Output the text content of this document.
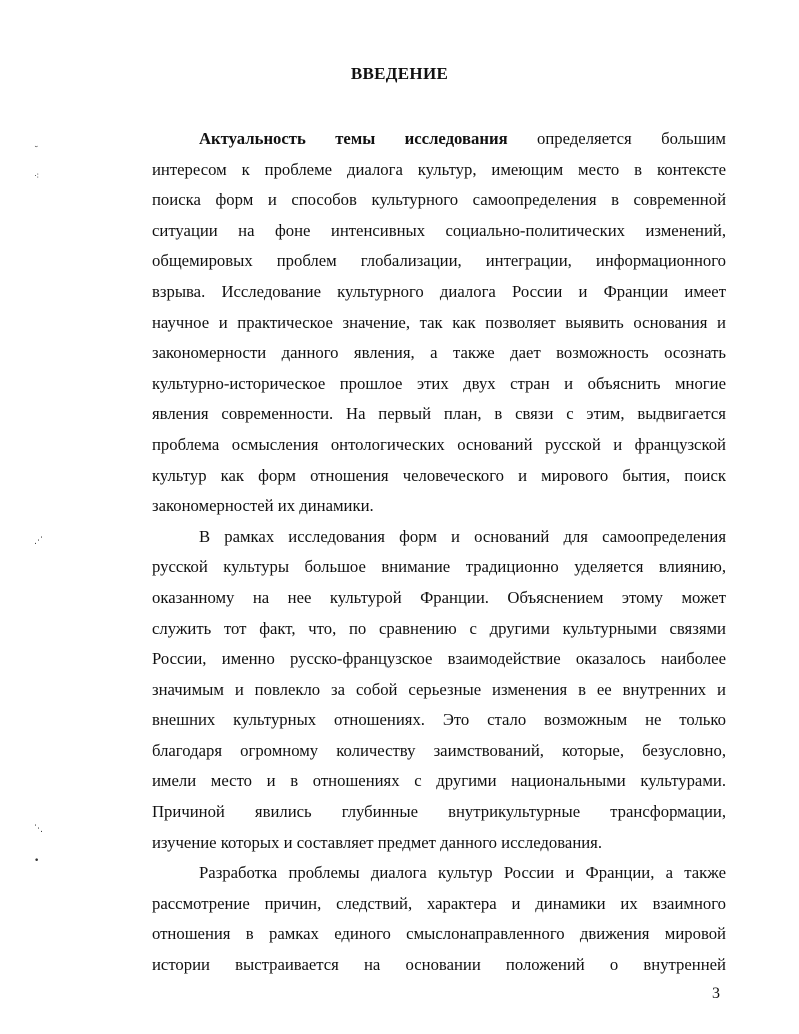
ВВЕДЕНИЕ
Актуальность темы исследования определяется большим
интересом к проблеме диалога культур, имеющим место в контексте
поиска форм и способов культурного самоопределения в современной
ситуации на фоне интенсивных социально-политических изменений,
общемировых проблем глобализации, интеграции, информационного
взрыва. Исследование культурного диалога России и Франции имеет
научное и практическое значение, так как позволяет выявить основания и
закономерности данного явления, а также дает возможность осознать
культурно-историческое прошлое этих двух стран и объяснить многие
явления современности. На первый план, в связи с этим, выдвигается
проблема осмысления онтологических оснований русской и французской
культур как форм отношения человеческого и мирового бытия, поиск
закономерностей их динамики.
В рамках исследования форм и оснований для самоопределения
русской культуры большое внимание традиционно уделяется влиянию,
оказанному на нее культурой Франции. Объяснением этому может
служить тот факт, что, по сравнению с другими культурными связями
России, именно русско-французское взаимодействие оказалось наиболее
значимым и повлекло за собой серьезные изменения в ее внутренних и
внешних культурных отношениях. Это стало возможным не только
благодаря огромному количеству заимствований, которые, безусловно,
имели место и в отношениях с другими национальными культурами.
Причиной явились глубинные внутрикультурные трансформации,
изучение которых и составляет предмет данного исследования.
Разработка проблемы диалога культур России и Франции, а также
рассмотрение причин, следствий, характера и динамики их взаимного
отношения в рамках единого смыслонаправленного движения мировой
истории выстраивается на основании положений о внутренней
3
˘
⁖
⋰
⋱
•
